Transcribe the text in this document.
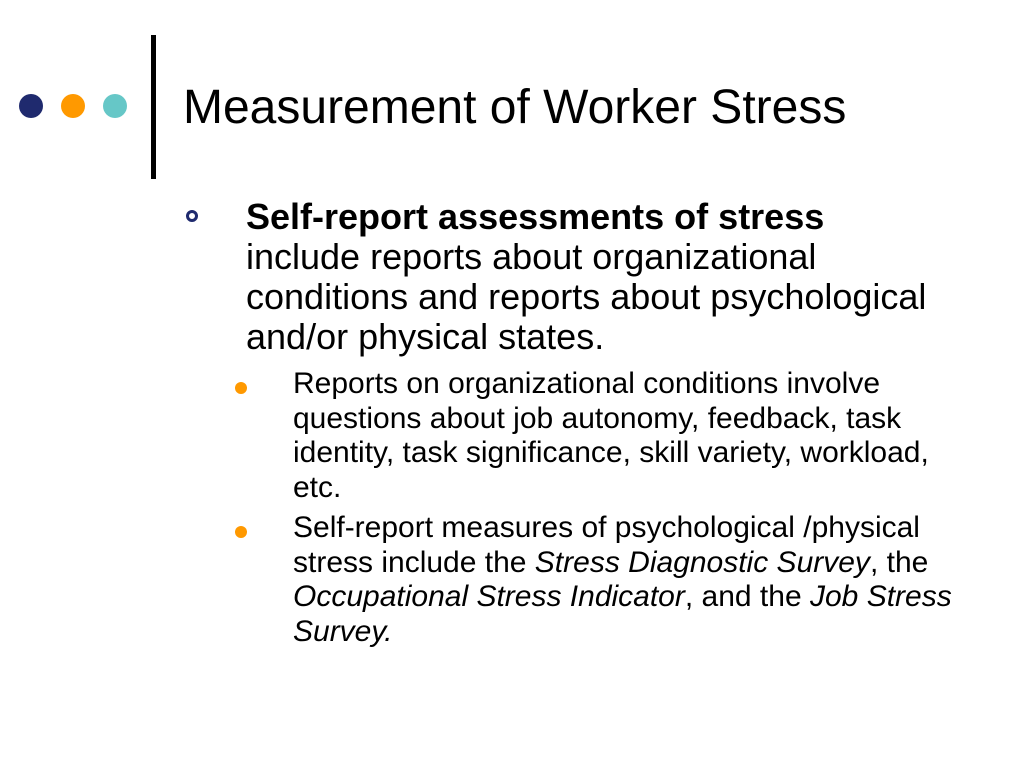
Measurement of Worker Stress
Self-report assessments of stress include reports about organizational conditions and reports about psychological and/or physical states.
Reports on organizational conditions involve questions about job autonomy, feedback, task identity, task significance, skill variety, workload, etc.
Self-report measures of psychological /physical stress include the Stress Diagnostic Survey, the Occupational Stress Indicator, and the Job Stress Survey.
